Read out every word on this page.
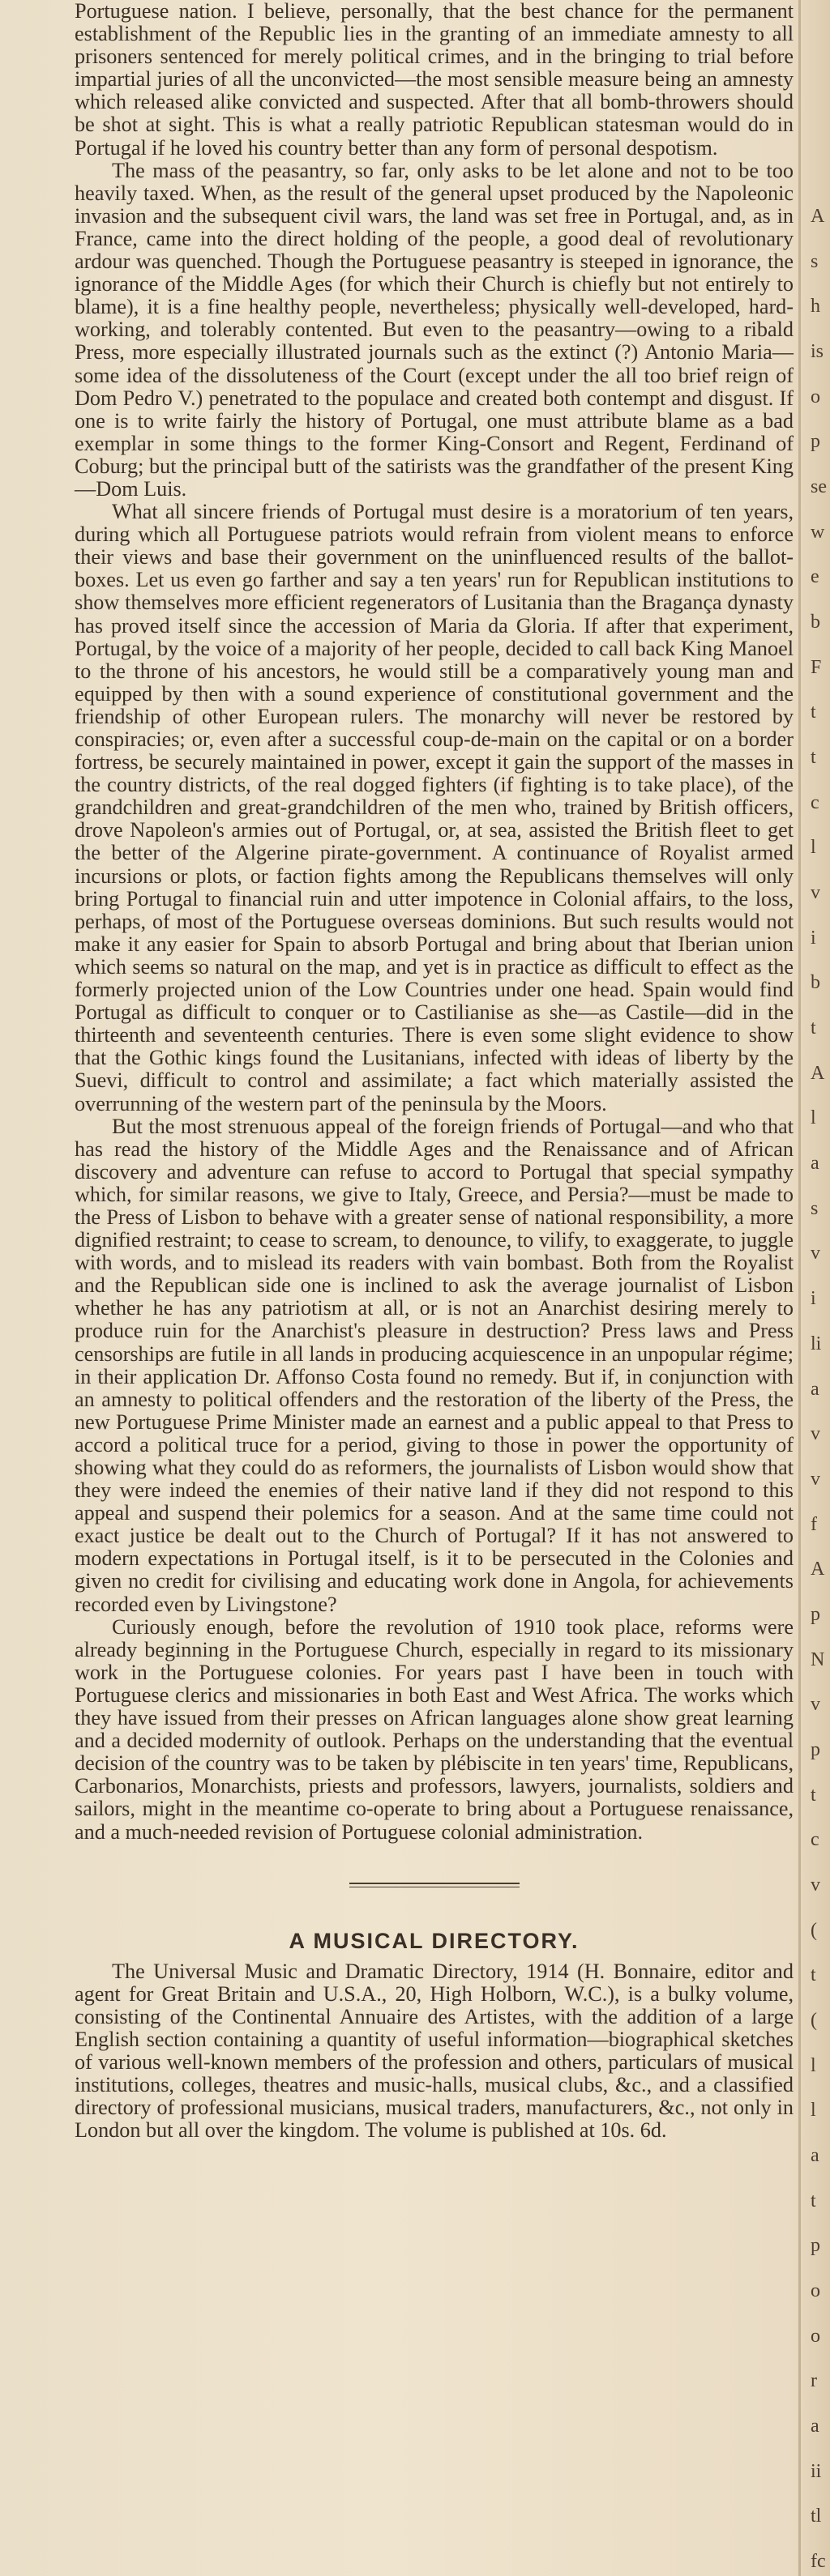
Portuguese nation. I believe, personally, that the best chance for the permanent establishment of the Republic lies in the granting of an immediate amnesty to all prisoners sentenced for merely political crimes, and in the bringing to trial before impartial juries of all the unconvicted—the most sensible measure being an amnesty which released alike convicted and suspected. After that all bomb-throwers should be shot at sight. This is what a really patriotic Republican statesman would do in Portugal if he loved his country better than any form of personal despotism.

The mass of the peasantry, so far, only asks to be let alone and not to be too heavily taxed. When, as the result of the general upset produced by the Napoleonic invasion and the subsequent civil wars, the land was set free in Portugal, and, as in France, came into the direct holding of the people, a good deal of revolutionary ardour was quenched. Though the Portuguese peasantry is steeped in ignorance, the ignorance of the Middle Ages (for which their Church is chiefly but not entirely to blame), it is a fine healthy people, nevertheless; physically well-developed, hard-working, and tolerably contented. But even to the peasantry—owing to a ribald Press, more especially illustrated journals such as the extinct (?) Antonio Maria—some idea of the dissoluteness of the Court (except under the all too brief reign of Dom Pedro V.) penetrated to the populace and created both contempt and disgust. If one is to write fairly the history of Portugal, one must attribute blame as a bad exemplar in some things to the former King-Consort and Regent, Ferdinand of Coburg; but the principal butt of the satirists was the grandfather of the present King—Dom Luis.

What all sincere friends of Portugal must desire is a moratorium of ten years, during which all Portuguese patriots would refrain from violent means to enforce their views and base their government on the uninfluenced results of the ballot-boxes. Let us even go farther and say a ten years' run for Republican institutions to show themselves more efficient regenerators of Lusitania than the Bragança dynasty has proved itself since the accession of Maria da Gloria. If after that experiment, Portugal, by the voice of a majority of her people, decided to call back King Manoel to the throne of his ancestors, he would still be a comparatively young man and equipped by then with a sound experience of constitutional government and the friendship of other European rulers. The monarchy will never be restored by conspiracies; or, even after a successful coup-de-main on the capital or on a border fortress, be securely maintained in power, except it gain the support of the masses in the country districts, of the real dogged fighters (if fighting is to take place), of the grandchildren and great-grandchildren of the men who, trained by British officers, drove Napoleon's armies out of Portugal, or, at sea, assisted the British fleet to get the better of the Algerine pirate-government. A continuance of Royalist armed incursions or plots, or faction fights among the Republicans themselves will only bring Portugal to financial ruin and utter impotence in Colonial affairs, to the loss, perhaps, of most of the Portuguese overseas dominions. But such results would not make it any easier for Spain to absorb Portugal and bring about that Iberian union which seems so natural on the map, and yet is in practice as difficult to effect as the formerly projected union of the Low Countries under one head. Spain would find Portugal as difficult to conquer or to Castilianise as she—as Castile—did in the thirteenth and seventeenth centuries. There is even some slight evidence to show that the Gothic kings found the Lusitanians, infected with ideas of liberty by the Suevi, difficult to control and assimilate; a fact which materially assisted the overrunning of the western part of the peninsula by the Moors.

But the most strenuous appeal of the foreign friends of Portugal—and who that has read the history of the Middle Ages and the Renaissance and of African discovery and adventure can refuse to accord to Portugal that special sympathy which, for similar reasons, we give to Italy, Greece, and Persia?—must be made to the Press of Lisbon to behave with a greater sense of national responsibility, a more dignified restraint; to cease to scream, to denounce, to vilify, to exaggerate, to juggle with words, and to mislead its readers with vain bombast. Both from the Royalist and the Republican side one is inclined to ask the average journalist of Lisbon whether he has any patriotism at all, or is not an Anarchist desiring merely to produce ruin for the Anarchist's pleasure in destruction? Press laws and Press censorships are futile in all lands in producing acquiescence in an unpopular régime; in their application Dr. Affonso Costa found no remedy. But if, in conjunction with an amnesty to political offenders and the restoration of the liberty of the Press, the new Portuguese Prime Minister made an earnest and a public appeal to that Press to accord a political truce for a period, giving to those in power the opportunity of showing what they could do as reformers, the journalists of Lisbon would show that they were indeed the enemies of their native land if they did not respond to this appeal and suspend their polemics for a season. And at the same time could not exact justice be dealt out to the Church of Portugal? If it has not answered to modern expectations in Portugal itself, is it to be persecuted in the Colonies and given no credit for civilising and educating work done in Angola, for achievements recorded even by Livingstone?

Curiously enough, before the revolution of 1910 took place, reforms were already beginning in the Portuguese Church, especially in regard to its missionary work in the Portuguese colonies. For years past I have been in touch with Portuguese clerics and missionaries in both East and West Africa. The works which they have issued from their presses on African languages alone show great learning and a decided modernity of outlook. Perhaps on the understanding that the eventual decision of the country was to be taken by plébiscite in ten years' time, Republicans, Carbonarios, Monarchists, priests and professors, lawyers, journalists, soldiers and sailors, might in the meantime co-operate to bring about a Portuguese renaissance, and a much-needed revision of Portuguese colonial administration.

A MUSICAL DIRECTORY.

The Universal Music and Dramatic Directory, 1914 (H. Bonnaire, editor and agent for Great Britain and U.S.A., 20, High Holborn, W.C.), is a bulky volume, consisting of the Continental Annuaire des Artistes, with the addition of a large English section containing a quantity of useful information—biographical sketches of various well-known members of the profession and others, particulars of musical institutions, colleges, theatres and music-halls, musical clubs, &c., and a classified directory of professional musicians, musical traders, manufacturers, &c., not only in London but all over the kingdom. The volume is published at 10s. 6d.

A
s
h
is
o
p
se
w
e
b
F
t
t
c
l
v
i
b
t
A
l
a
s
v
i
li
a
v
v
f
A
p
N
v
p
t
c
v
(
t
(
l
l
a
t
p
o
o
r
a
ii
tl
fc
